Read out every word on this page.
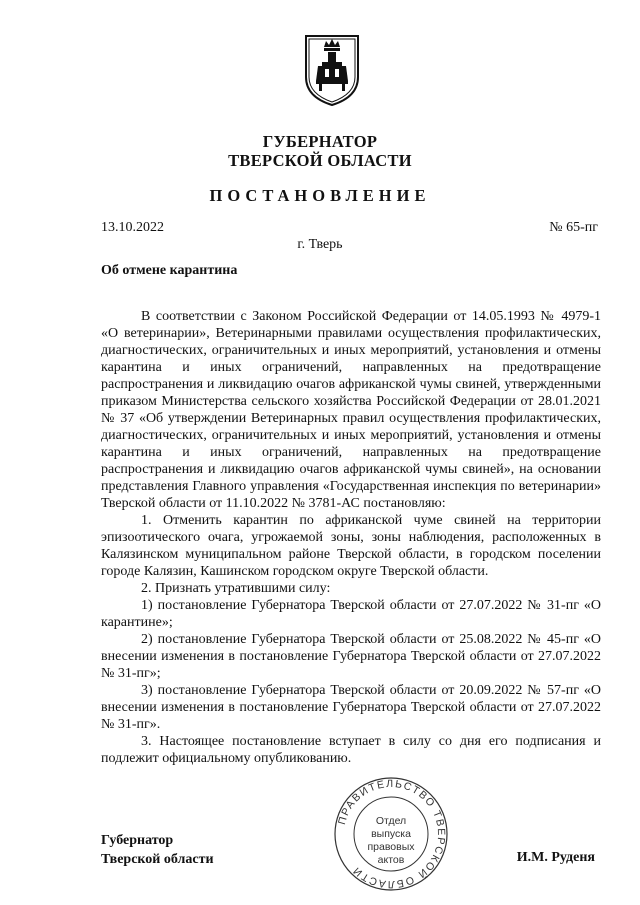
ГУБЕРНАТОР
ТВЕРСКОЙ ОБЛАСТИ
ПОСТАНОВЛЕНИЕ
13.10.2022	№ 65-пг
г. Тверь
Об отмене карантина

В соответствии с Законом Российской Федерации от 14.05.1993 № 4979-1 «О ветеринарии», Ветеринарными правилами осуществления профилактических, диагностических, ограничительных и иных мероприятий, установления и отмены карантина и иных ограничений, направленных на предотвращение распространения и ликвидацию очагов африканской чумы свиней, утвержденными приказом Министерства сельского хозяйства Российской Федерации от 28.01.2021 № 37 «Об утверждении Ветеринарных правил осуществления профилактических, диагностических, ограничительных и иных мероприятий, установления и отмены карантина и иных ограничений, направленных на предотвращение распространения и ликвидацию очагов африканской чумы свиней», на основании представления Главного управления «Государственная инспекция по ветеринарии» Тверской области от 11.10.2022 № 3781-АС постановляю:

1. Отменить карантин по африканской чуме свиней на территории эпизоотического очага, угрожаемой зоны, зоны наблюдения, расположенных в Калязинском муниципальном районе Тверской области, в городском поселении городе Калязин, Кашинском городском округе Тверской области.

2. Признать утратившими силу:

1) постановление Губернатора Тверской области от 27.07.2022 № 31-пг «О карантине»;

2) постановление Губернатора Тверской области от 25.08.2022 № 45-пг «О внесении изменения в постановление Губернатора Тверской области от 27.07.2022 № 31-пг»;

3) постановление Губернатора Тверской области от 20.09.2022 № 57-пг «О внесении изменения в постановление Губернатора Тверской области от 27.07.2022 № 31-пг».

3. Настоящее постановление вступает в силу со дня его подписания и подлежит официальному опубликованию.

Губернатор
Тверской области	И.М. Руденя
ПРАВИТЕЛЬСТВО ТВЕРСКОЙ ОБЛАСТИ
Отдел
выпуска
правовых
актов
